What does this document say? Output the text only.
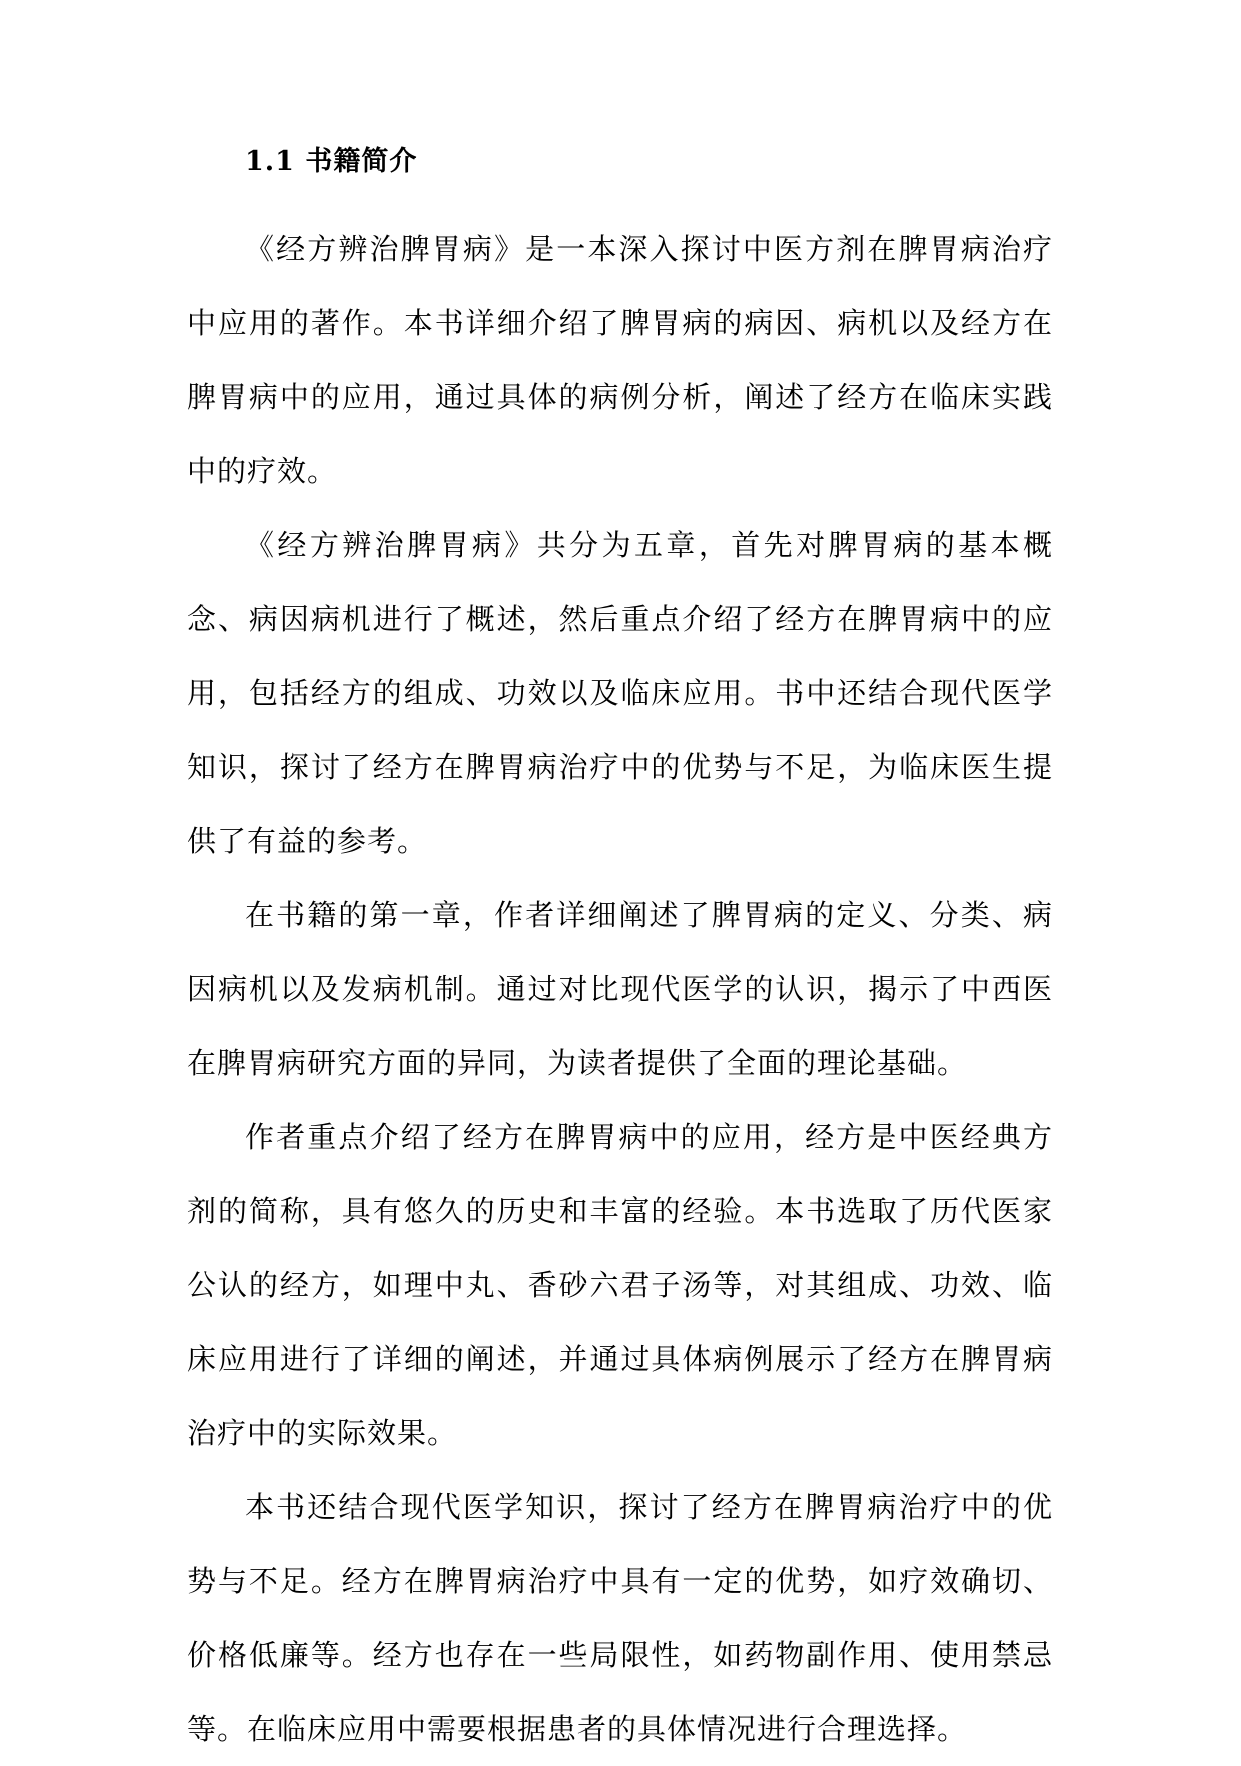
1.1 书籍简介

《经方辨治脾胃病》是一本深入探讨中医方剂在脾胃病治疗中应用的著作。本书详细介绍了脾胃病的病因、病机以及经方在脾胃病中的应用，通过具体的病例分析，阐述了经方在临床实践中的疗效。

《经方辨治脾胃病》共分为五章，首先对脾胃病的基本概念、病因病机进行了概述，然后重点介绍了经方在脾胃病中的应用，包括经方的组成、功效以及临床应用。书中还结合现代医学知识，探讨了经方在脾胃病治疗中的优势与不足，为临床医生提供了有益的参考。

在书籍的第一章，作者详细阐述了脾胃病的定义、分类、病因病机以及发病机制。通过对比现代医学的认识，揭示了中西医在脾胃病研究方面的异同，为读者提供了全面的理论基础。

作者重点介绍了经方在脾胃病中的应用，经方是中医经典方剂的简称，具有悠久的历史和丰富的经验。本书选取了历代医家公认的经方，如理中丸、香砂六君子汤等，对其组成、功效、临床应用进行了详细的阐述，并通过具体病例展示了经方在脾胃病治疗中的实际效果。

本书还结合现代医学知识，探讨了经方在脾胃病治疗中的优势与不足。经方在脾胃病治疗中具有一定的优势，如疗效确切、价格低廉等。经方也存在一些局限性，如药物副作用、使用禁忌等。在临床应用中需要根据患者的具体情况进行合理选择。
